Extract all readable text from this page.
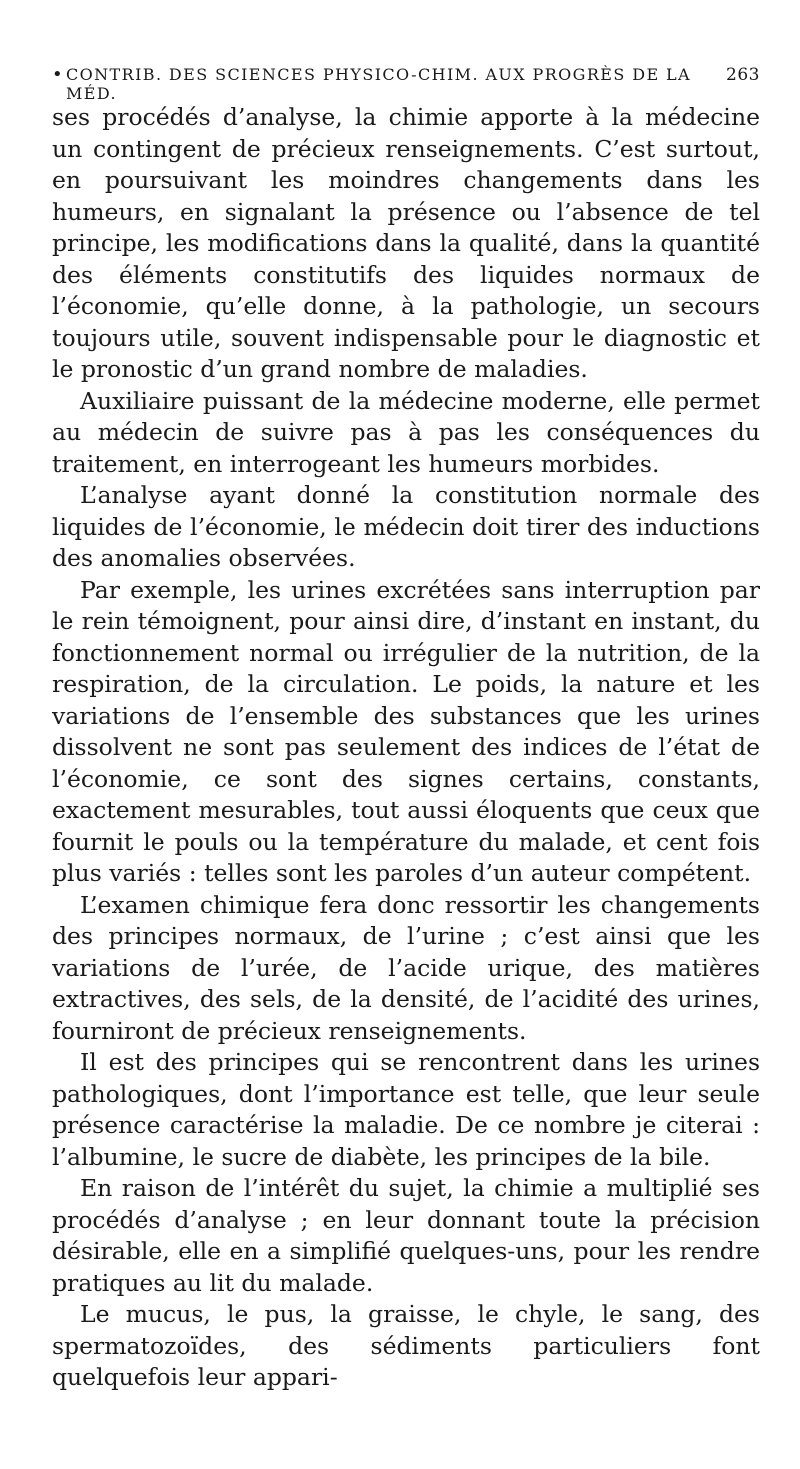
• CONTRIB. DES SCIENCES PHYSICO-CHIM. AUX PROGRÈS DE LA MÉD.
263

ses procédés d’analyse, la chimie apporte à la médecine un contingent de précieux renseignements. C’est surtout, en poursuivant les moindres changements dans les humeurs, en signalant la présence ou l’absence de tel principe, les modifications dans la qualité, dans la quantité des éléments constitutifs des liquides normaux de l’économie, qu’elle donne, à la pathologie, un secours toujours utile, souvent indispensable pour le diagnostic et le pronostic d’un grand nombre de maladies.

Auxiliaire puissant de la médecine moderne, elle permet au médecin de suivre pas à pas les conséquences du traitement, en interrogeant les humeurs morbides.

L’analyse ayant donné la constitution normale des liquides de l’économie, le médecin doit tirer des inductions des anomalies observées.

Par exemple, les urines excrétées sans interruption par le rein témoignent, pour ainsi dire, d’instant en instant, du fonctionnement normal ou irrégulier de la nutrition, de la respiration, de la circulation. Le poids, la nature et les variations de l’ensemble des substances que les urines dissolvent ne sont pas seulement des indices de l’état de l’économie, ce sont des signes certains, constants, exactement mesurables, tout aussi éloquents que ceux que fournit le pouls ou la température du malade, et cent fois plus variés : telles sont les paroles d’un auteur compétent.

L’examen chimique fera donc ressortir les changements des principes normaux, de l’urine ; c’est ainsi que les variations de l’urée, de l’acide urique, des matières extractives, des sels, de la densité, de l’acidité des urines, fourniront de précieux renseignements.

Il est des principes qui se rencontrent dans les urines pathologiques, dont l’importance est telle, que leur seule présence caractérise la maladie. De ce nombre je citerai : l’albumine, le sucre de diabète, les principes de la bile.

En raison de l’intérêt du sujet, la chimie a multiplié ses procédés d’analyse ; en leur donnant toute la précision désirable, elle en a simplifié quelques-uns, pour les rendre pratiques au lit du malade.

Le mucus, le pus, la graisse, le chyle, le sang, des spermatozoïdes, des sédiments particuliers font quelquefois leur appari-
